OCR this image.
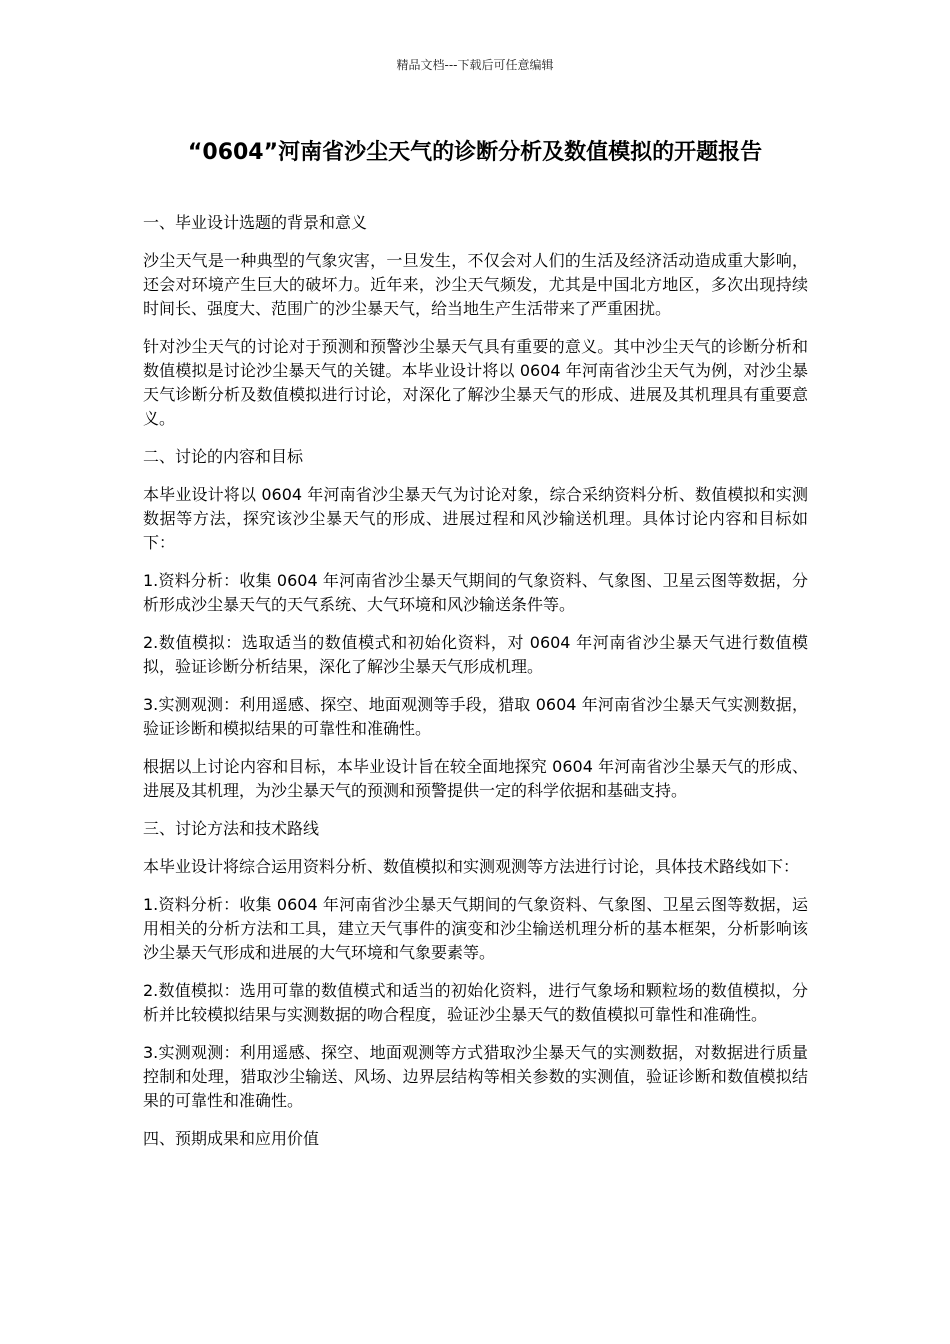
精品文档---下载后可任意编辑
“0604”河南省沙尘天气的诊断分析及数值模拟的开题报告

一、毕业设计选题的背景和意义

沙尘天气是一种典型的气象灾害，一旦发生，不仅会对人们的生活及经济活动造成重大影响，还会对环境产生巨大的破坏力。近年来，沙尘天气频发，尤其是中国北方地区，多次出现持续时间长、强度大、范围广的沙尘暴天气，给当地生产生活带来了严重困扰。

针对沙尘天气的讨论对于预测和预警沙尘暴天气具有重要的意义。其中沙尘天气的诊断分析和数值模拟是讨论沙尘暴天气的关键。本毕业设计将以 0604 年河南省沙尘天气为例，对沙尘暴天气诊断分析及数值模拟进行讨论，对深化了解沙尘暴天气的形成、进展及其机理具有重要意义。

二、讨论的内容和目标

本毕业设计将以 0604 年河南省沙尘暴天气为讨论对象，综合采纳资料分析、数值模拟和实测数据等方法，探究该沙尘暴天气的形成、进展过程和风沙输送机理。具体讨论内容和目标如下：

1.资料分析：收集 0604 年河南省沙尘暴天气期间的气象资料、气象图、卫星云图等数据，分析形成沙尘暴天气的天气系统、大气环境和风沙输送条件等。

2.数值模拟：选取适当的数值模式和初始化资料，对 0604 年河南省沙尘暴天气进行数值模拟，验证诊断分析结果，深化了解沙尘暴天气形成机理。

3.实测观测：利用遥感、探空、地面观测等手段，猎取 0604 年河南省沙尘暴天气实测数据，验证诊断和模拟结果的可靠性和准确性。

根据以上讨论内容和目标，本毕业设计旨在较全面地探究 0604 年河南省沙尘暴天气的形成、进展及其机理，为沙尘暴天气的预测和预警提供一定的科学依据和基础支持。

三、讨论方法和技术路线

本毕业设计将综合运用资料分析、数值模拟和实测观测等方法进行讨论，具体技术路线如下：

1.资料分析：收集 0604 年河南省沙尘暴天气期间的气象资料、气象图、卫星云图等数据，运用相关的分析方法和工具，建立天气事件的演变和沙尘输送机理分析的基本框架，分析影响该沙尘暴天气形成和进展的大气环境和气象要素等。

2.数值模拟：选用可靠的数值模式和适当的初始化资料，进行气象场和颗粒场的数值模拟，分析并比较模拟结果与实测数据的吻合程度，验证沙尘暴天气的数值模拟可靠性和准确性。

3.实测观测：利用遥感、探空、地面观测等方式猎取沙尘暴天气的实测数据，对数据进行质量控制和处理，猎取沙尘输送、风场、边界层结构等相关参数的实测值，验证诊断和数值模拟结果的可靠性和准确性。

四、预期成果和应用价值
